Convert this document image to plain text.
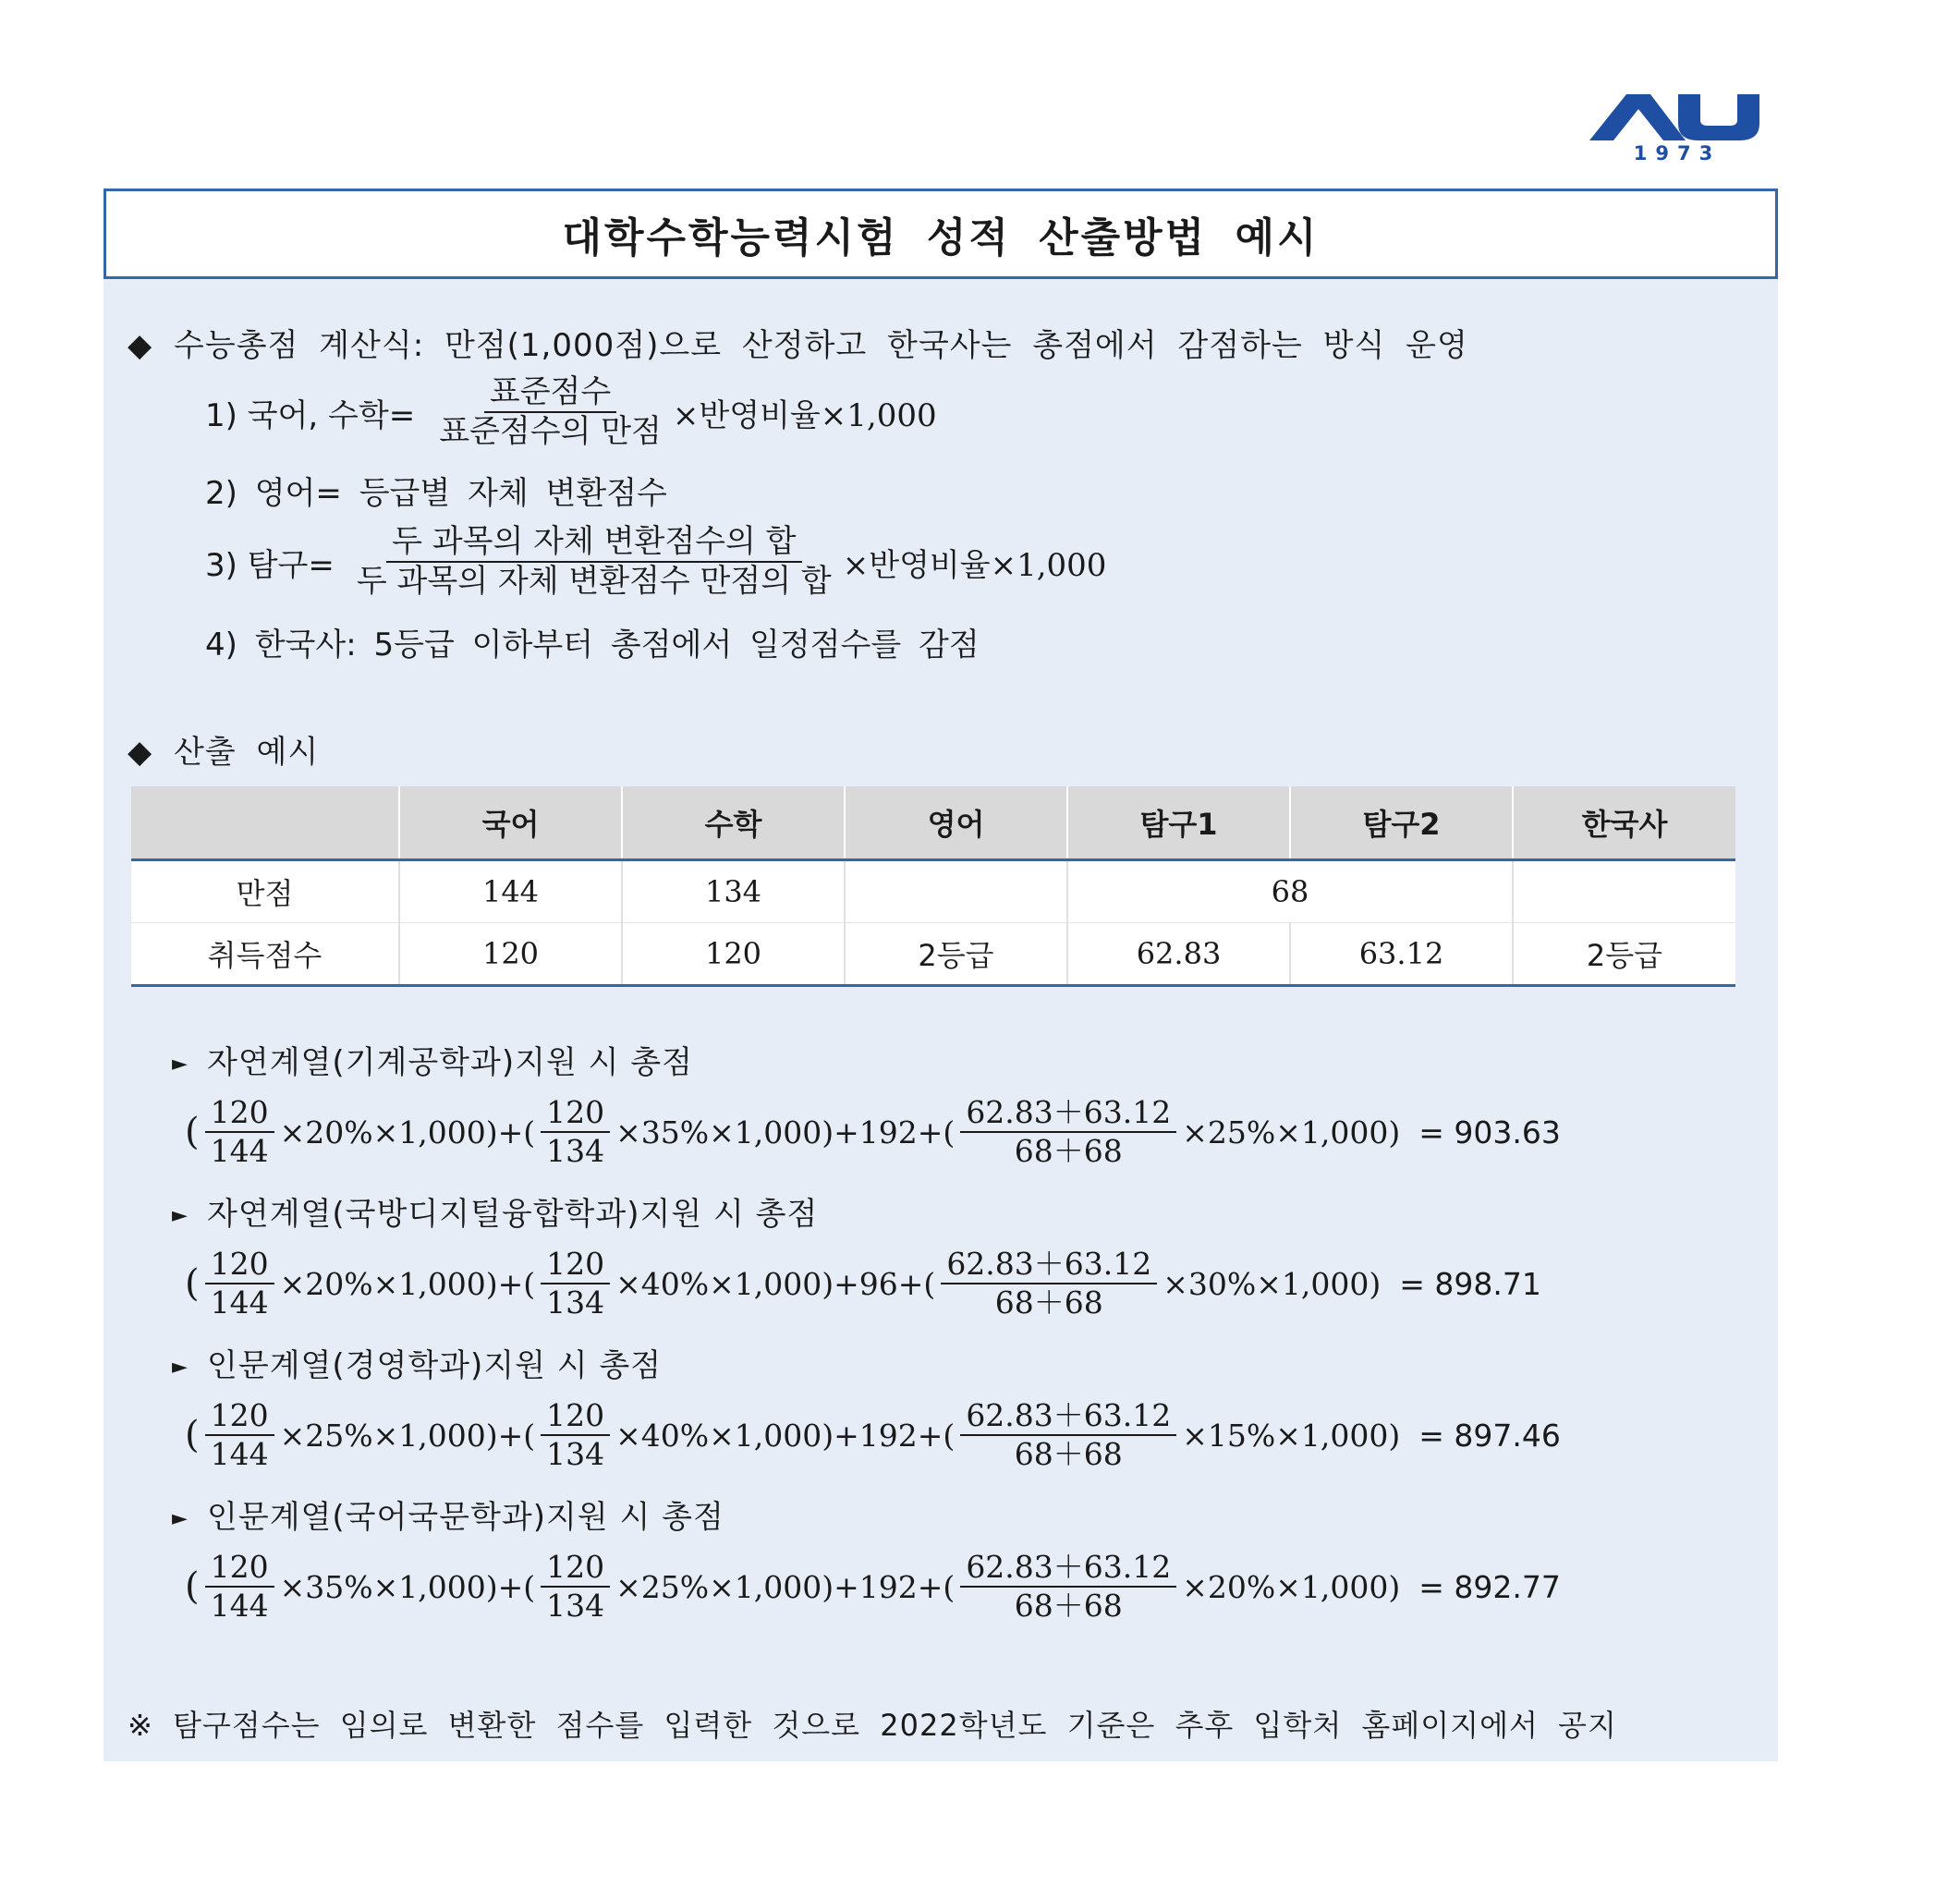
1973
대학수학능력시험 성적 산출방법 예시
◆ 수능총점 계산식: 만점(1,000점)으로 산정하고 한국사는 총점에서 감점하는 방식 운영
1) 국어, 수학= $\frac{\text{표준점수}}{\text{표준점수의 만점}}$ ×반영비율×1,000
2) 영어= 등급별 자체 변환점수
3) 탐구= $\frac{\text{두 과목의 자체 변환점수의 합}}{\text{두 과목의 자체 변환점수 만점의 합}}$ ×반영비율×1,000
4) 한국사: 5등급 이하부터 총점에서 일정점수를 감점
◆ 산출 예시
	국어	수학	영어	탐구1	탐구2	한국사
만점	144	134		68		
취득점수	120	120	2등급	62.83	63.12	2등급
► 자연계열(기계공학과)지원 시 총점
( $\frac{120}{144} \times 20\%\times 1,000)+( \frac{120}{134} \times 35\%\times 1,000)+192+( \frac{62.83+63.12}{68+68} \times 25\%\times 1,000) = 903.63$
► 자연계열(국방디지털융합학과)지원 시 총점
( $\frac{120}{144} \times 20\%\times 1,000)+( \frac{120}{134} \times 40\%\times 1,000)+96+( \frac{62.83+63.12}{68+68} \times 30\%\times 1,000) = 898.71$
► 인문계열(경영학과)지원 시 총점
( $\frac{120}{144} \times 25\%\times 1,000)+( \frac{120}{134} \times 40\%\times 1,000)+192+( \frac{62.83+63.12}{68+68} \times 15\%\times 1,000) = 897.46$
► 인문계열(국어국문학과)지원 시 총점
( $\frac{120}{144} \times 35\%\times 1,000)+( \frac{120}{134} \times 25\%\times 1,000)+192+( \frac{62.83+63.12}{68+68} \times 20\%\times 1,000) = 892.77$
※ 탐구점수는 임의로 변환한 점수를 입력한 것으로 2022학년도 기준은 추후 입학처 홈페이지에서 공지
